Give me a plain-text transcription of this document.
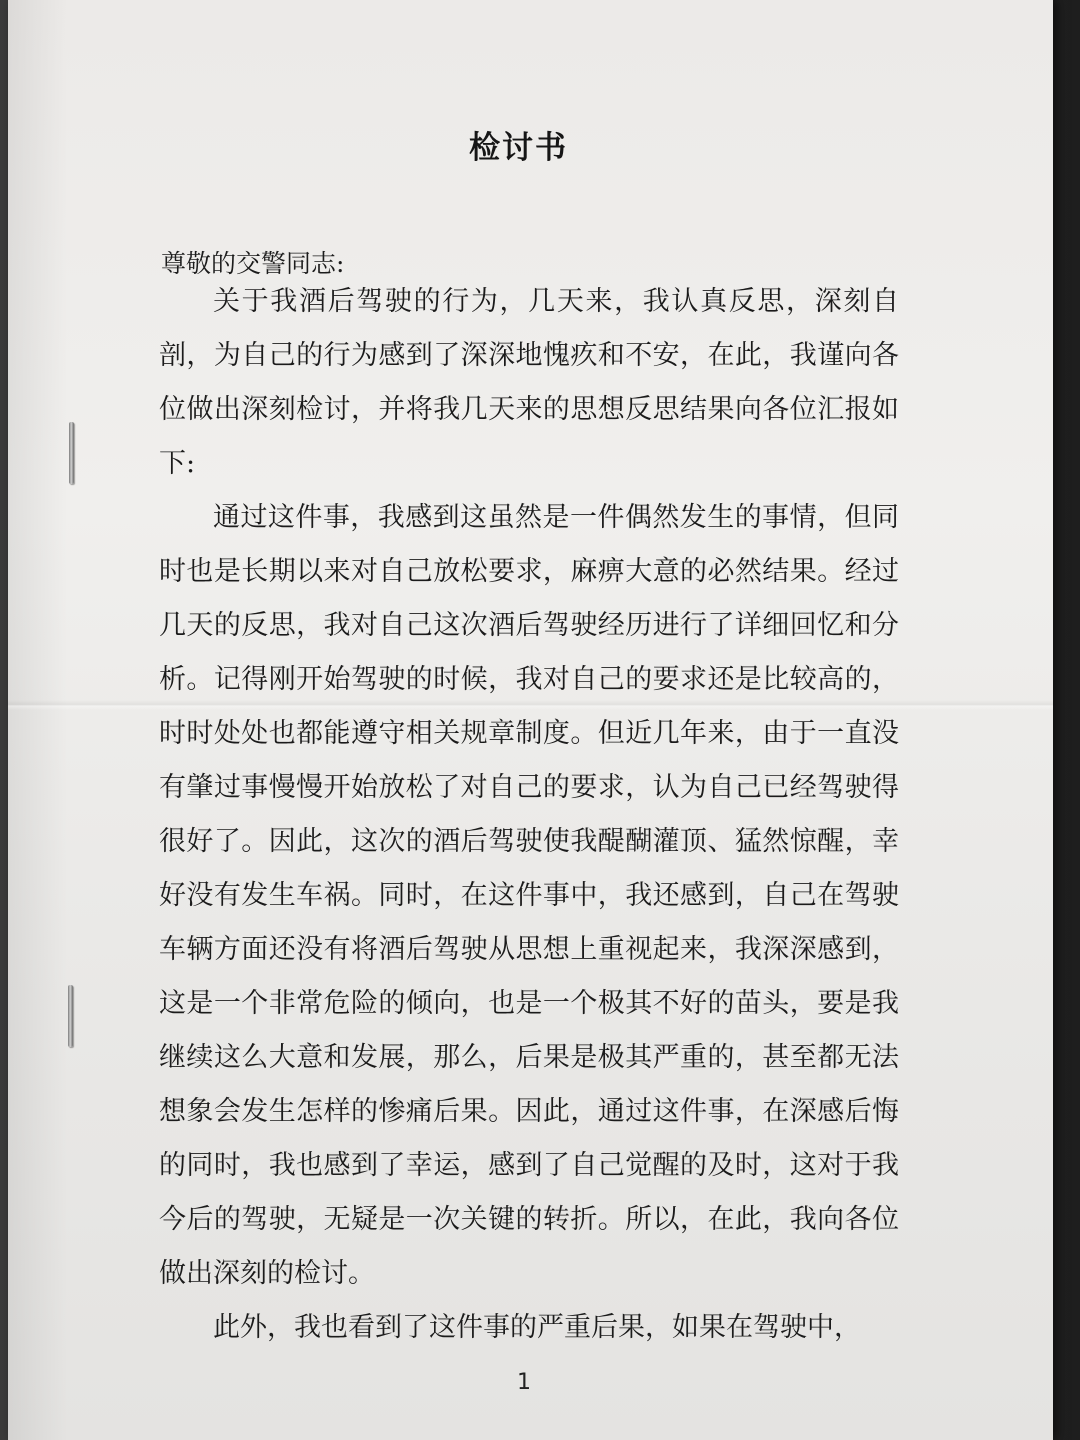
检讨书
尊敬的交警同志:

关于我酒后驾驶的行为，几天来，我认真反思，深刻自剖，为自己的行为感到了深深地愧疚和不安，在此，我谨向各位做出深刻检讨，并将我几天来的思想反思结果向各位汇报如下:

通过这件事，我感到这虽然是一件偶然发生的事情，但同时也是长期以来对自己放松要求，麻痹大意的必然结果。经过几天的反思，我对自己这次酒后驾驶经历进行了详细回忆和分析。记得刚开始驾驶的时候，我对自己的要求还是比较高的，时时处处也都能遵守相关规章制度。但近几年来，由于一直没有肇过事慢慢开始放松了对自己的要求，认为自己已经驾驶得很好了。因此，这次的酒后驾驶使我醍醐灌顶、猛然惊醒，幸好没有发生车祸。同时，在这件事中，我还感到，自己在驾驶车辆方面还没有将酒后驾驶从思想上重视起来，我深深感到，这是一个非常危险的倾向，也是一个极其不好的苗头，要是我继续这么大意和发展，那么，后果是极其严重的，甚至都无法想象会发生怎样的惨痛后果。因此，通过这件事，在深感后悔的同时，我也感到了幸运，感到了自己觉醒的及时，这对于我今后的驾驶，无疑是一次关键的转折。所以，在此，我向各位做出深刻的检讨。

此外，我也看到了这件事的严重后果，如果在驾驶中，

1
